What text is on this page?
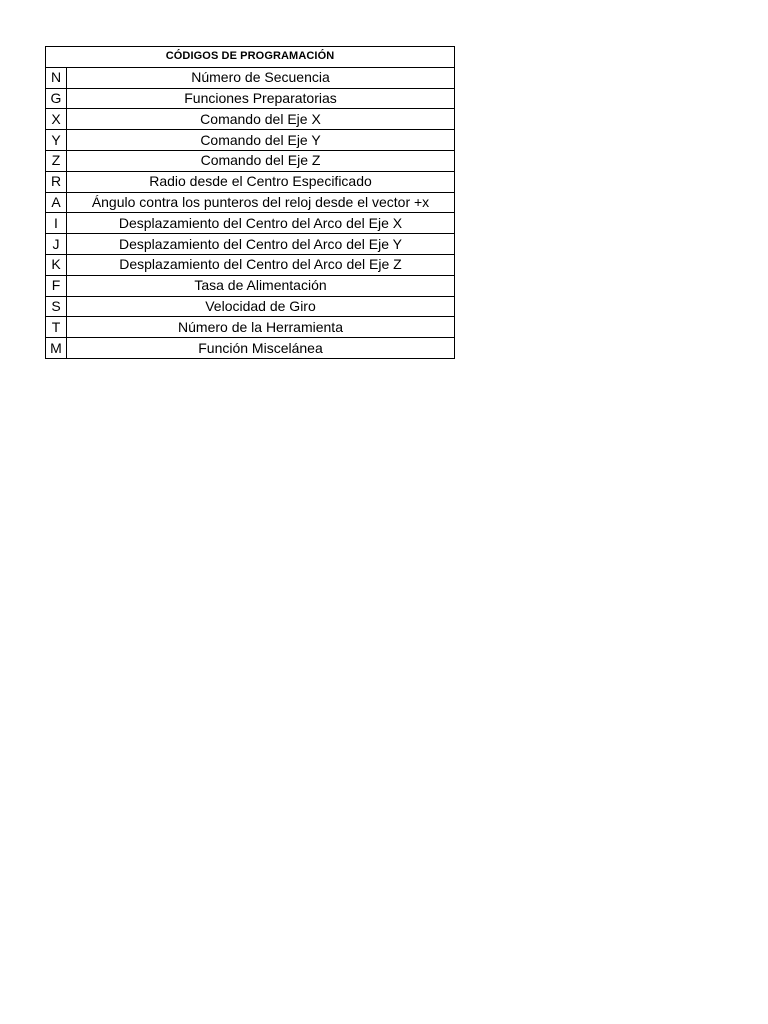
CÓDIGOS DE PROGRAMACIÓN	
N	Número de Secuencia
G	Funciones Preparatorias
X	Comando del Eje X
Y	Comando del Eje Y
Z	Comando del Eje Z
R	Radio desde el Centro Especificado
A	Ángulo contra los punteros del reloj desde el vector +x
I	Desplazamiento del Centro del Arco del Eje X
J	Desplazamiento del Centro del Arco del Eje Y
K	Desplazamiento del Centro del Arco del Eje Z
F	Tasa de Alimentación
S	Velocidad de Giro
T	Número de la Herramienta
M	Función Miscelánea
